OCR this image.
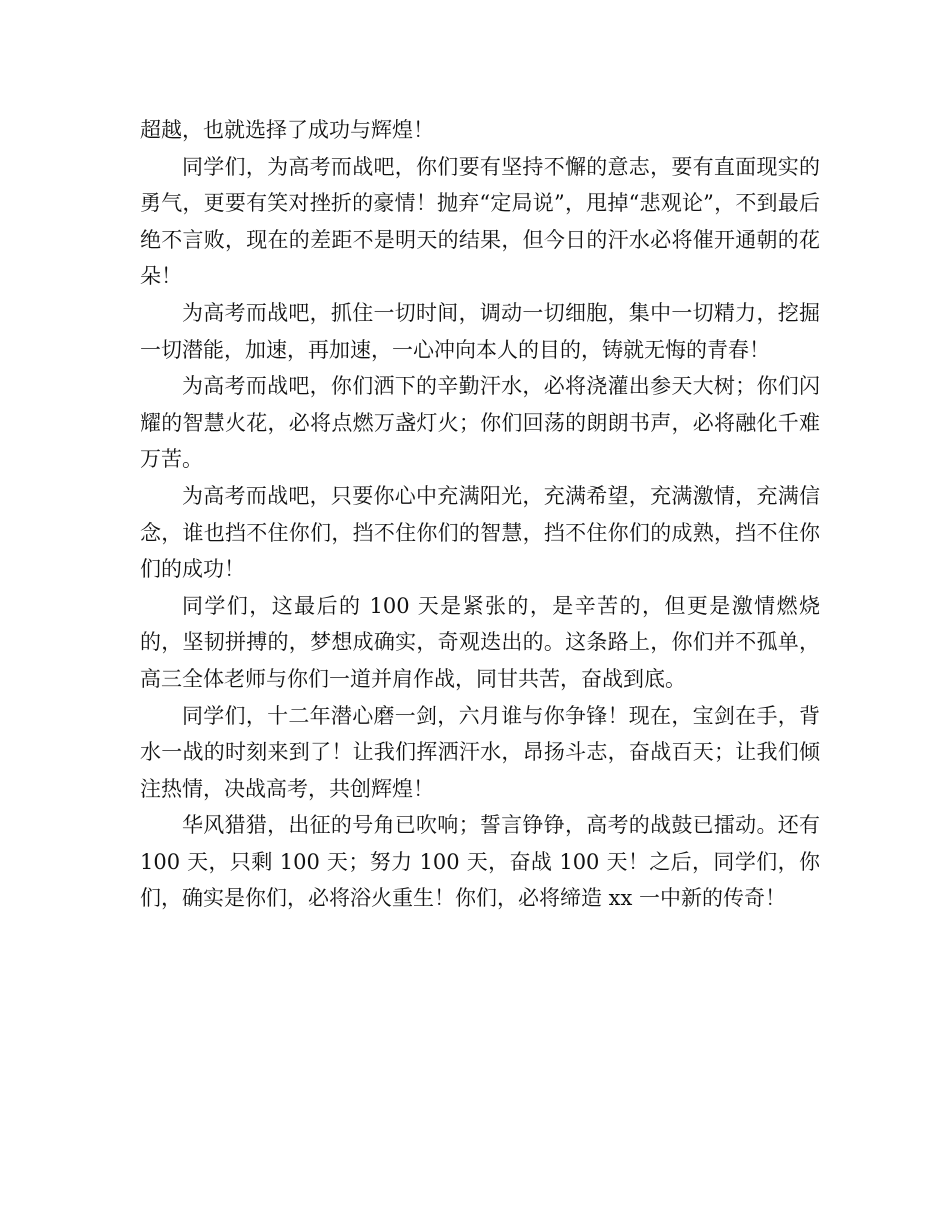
超越，也就选择了成功与辉煌！

同学们，为高考而战吧，你们要有坚持不懈的意志，要有直面现实的勇气，更要有笑对挫折的豪情！抛弃“定局说”，甩掉“悲观论”，不到最后绝不言败，现在的差距不是明天的结果，但今日的汗水必将催开通朝的花朵！

为高考而战吧，抓住一切时间，调动一切细胞，集中一切精力，挖掘一切潜能，加速，再加速，一心冲向本人的目的，铸就无悔的青春！

为高考而战吧，你们洒下的辛勤汗水，必将浇灌出参天大树；你们闪耀的智慧火花，必将点燃万盏灯火；你们回荡的朗朗书声，必将融化千难万苦。

为高考而战吧，只要你心中充满阳光，充满希望，充满激情，充满信念，谁也挡不住你们，挡不住你们的智慧，挡不住你们的成熟，挡不住你们的成功！

同学们，这最后的 100 天是紧张的，是辛苦的，但更是激情燃烧的，坚韧拼搏的，梦想成确实，奇观迭出的。这条路上，你们并不孤单，高三全体老师与你们一道并肩作战，同甘共苦，奋战到底。

同学们，十二年潜心磨一剑，六月谁与你争锋！现在，宝剑在手，背水一战的时刻来到了！让我们挥洒汗水，昂扬斗志，奋战百天；让我们倾注热情，决战高考，共创辉煌！

华风猎猎，出征的号角已吹响；誓言铮铮，高考的战鼓已擂动。还有 100 天，只剩 100 天；努力 100 天，奋战 100 天！之后，同学们，你们，确实是你们，必将浴火重生！你们，必将缔造 xx 一中新的传奇！
